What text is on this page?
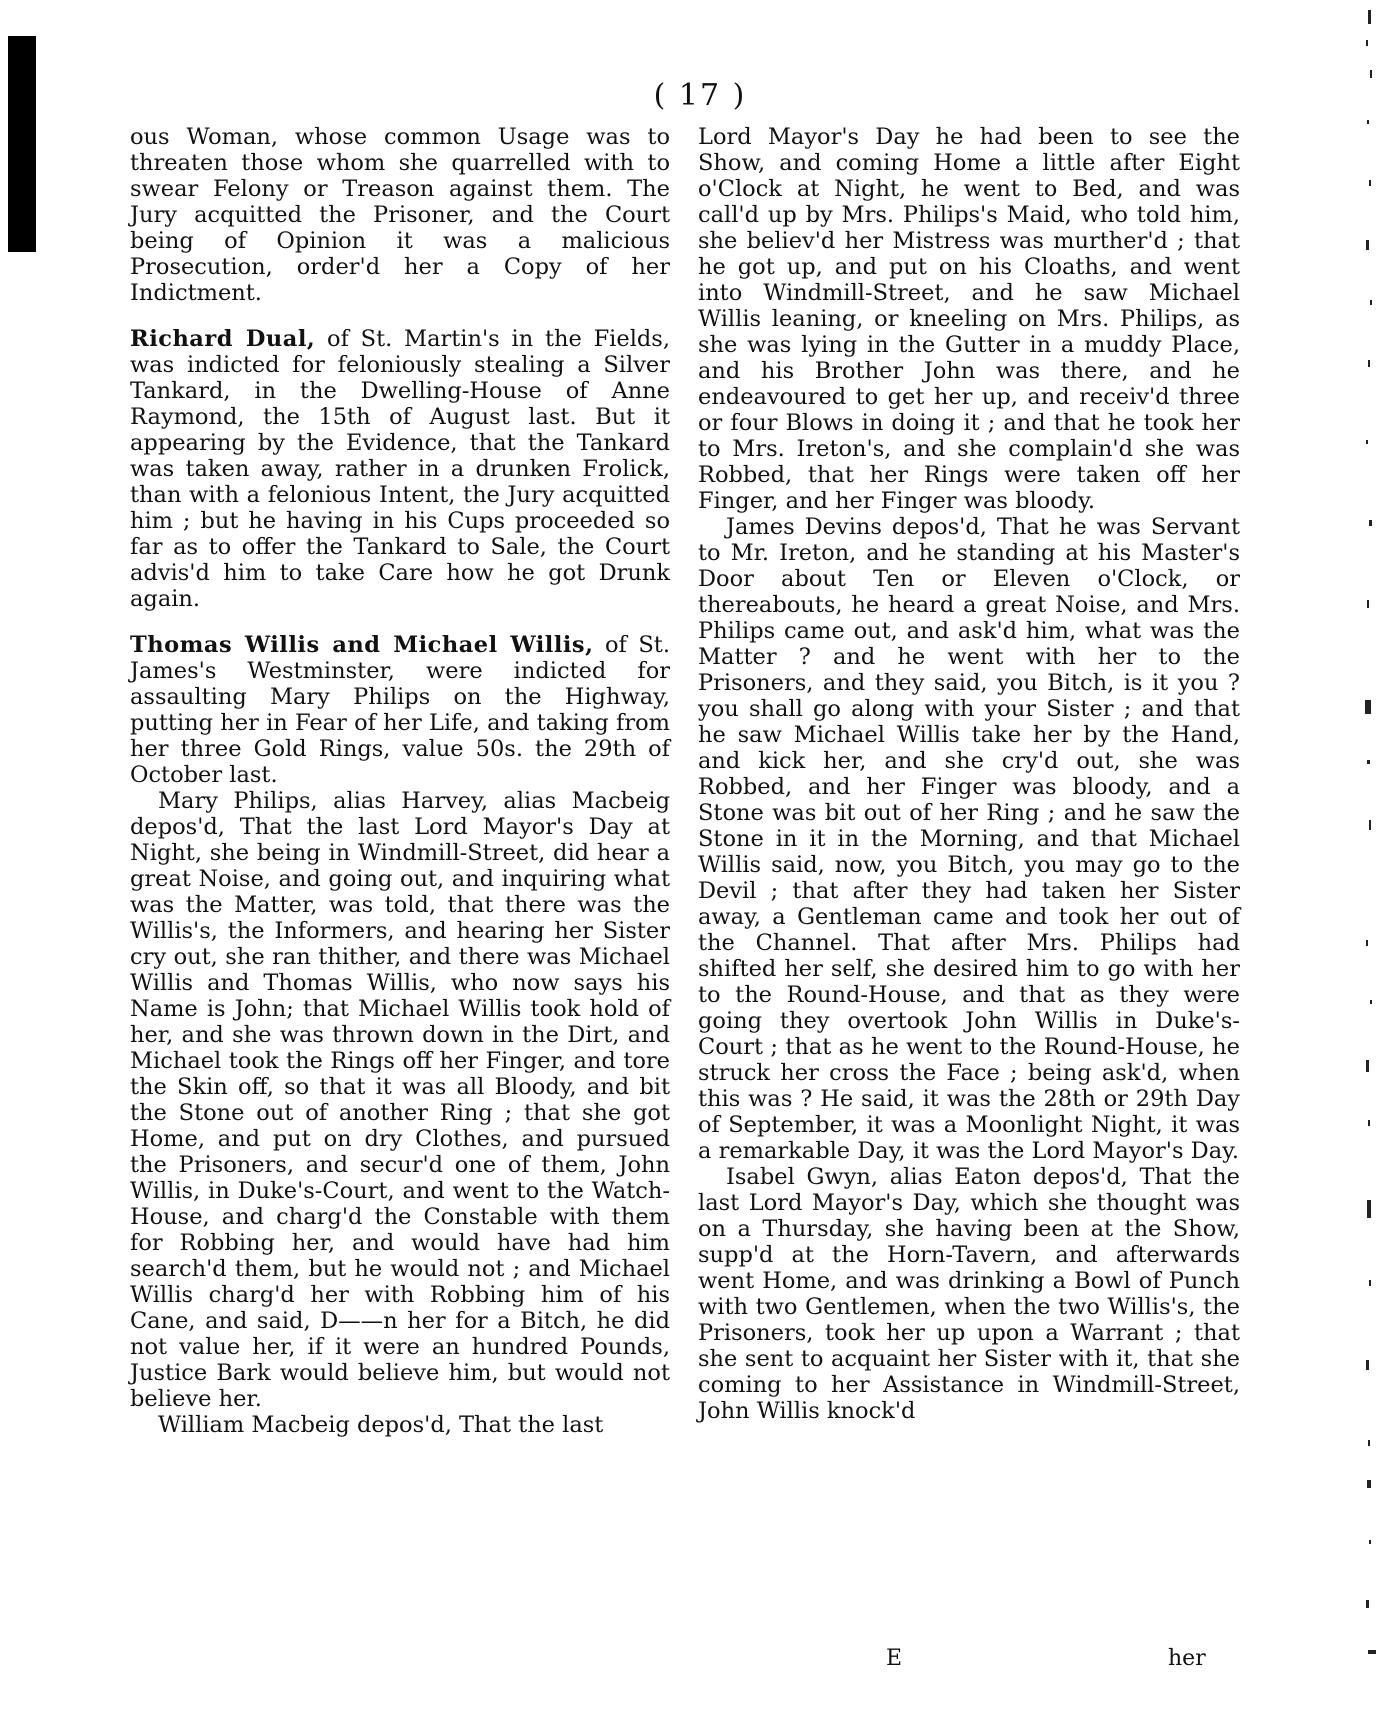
( 17 )

ous Woman, whose common Usage was to threaten those whom she quarrelled with to swear Felony or Treason against them. The Jury acquitted the Prisoner, and the Court being of Opinion it was a malicious Prosecution, order'd her a Copy of her Indictment.

Richard Dual, of St. Martin's in the Fields, was indicted for feloniously stealing a Silver Tankard, in the Dwelling-House of Anne Raymond, the 15th of August last. But it appearing by the Evidence, that the Tankard was taken away, rather in a drunken Frolick, than with a felonious Intent, the Jury acquitted him ; but he having in his Cups proceeded so far as to offer the Tankard to Sale, the Court advis'd him to take Care how he got Drunk again.

Thomas Willis and Michael Willis, of St. James's Westminster, were indicted for assaulting Mary Philips on the Highway, putting her in Fear of her Life, and taking from her three Gold Rings, value 50s. the 29th of October last.

Mary Philips, alias Harvey, alias Macbeig depos'd, That the last Lord Mayor's Day at Night, she being in Windmill-Street, did hear a great Noise, and going out, and inquiring what was the Matter, was told, that there was the Willis's, the Informers, and hearing her Sister cry out, she ran thither, and there was Michael Willis and Thomas Willis, who now says his Name is John; that Michael Willis took hold of her, and she was thrown down in the Dirt, and Michael took the Rings off her Finger, and tore the Skin off, so that it was all Bloody, and bit the Stone out of another Ring ; that she got Home, and put on dry Clothes, and pursued the Prisoners, and secur'd one of them, John Willis, in Duke's-Court, and went to the Watch-House, and charg'd the Constable with them for Robbing her, and would have had him search'd them, but he would not ; and Michael Willis charg'd her with Robbing him of his Cane, and said, D——n her for a Bitch, he did not value her, if it were an hundred Pounds, Justice Bark would believe him, but would not believe her.

William Macbeig depos'd, That the last

Lord Mayor's Day he had been to see the Show, and coming Home a little after Eight o'Clock at Night, he went to Bed, and was call'd up by Mrs. Philips's Maid, who told him, she believ'd her Mistress was murther'd ; that he got up, and put on his Cloaths, and went into Windmill-Street, and he saw Michael Willis leaning, or kneeling on Mrs. Philips, as she was lying in the Gutter in a muddy Place, and his Brother John was there, and he endeavoured to get her up, and receiv'd three or four Blows in doing it ; and that he took her to Mrs. Ireton's, and she complain'd she was Robbed, that her Rings were taken off her Finger, and her Finger was bloody.

James Devins depos'd, That he was Servant to Mr. Ireton, and he standing at his Master's Door about Ten or Eleven o'Clock, or thereabouts, he heard a great Noise, and Mrs. Philips came out, and ask'd him, what was the Matter ? and he went with her to the Prisoners, and they said, you Bitch, is it you ? you shall go along with your Sister ; and that he saw Michael Willis take her by the Hand, and kick her, and she cry'd out, she was Robbed, and her Finger was bloody, and a Stone was bit out of her Ring ; and he saw the Stone in it in the Morning, and that Michael Willis said, now, you Bitch, you may go to the Devil ; that after they had taken her Sister away, a Gentleman came and took her out of the Channel. That after Mrs. Philips had shifted her self, she desired him to go with her to the Round-House, and that as they were going they overtook John Willis in Duke's-Court ; that as he went to the Round-House, he struck her cross the Face ; being ask'd, when this was ? He said, it was the 28th or 29th Day of September, it was a Moonlight Night, it was a remarkable Day, it was the Lord Mayor's Day.

Isabel Gwyn, alias Eaton depos'd, That the last Lord Mayor's Day, which she thought was on a Thursday, she having been at the Show, supp'd at the Horn-Tavern, and afterwards went Home, and was drinking a Bowl of Punch with two Gentlemen, when the two Willis's, the Prisoners, took her up upon a Warrant ; that she sent to acquaint her Sister with it, that she coming to her Assistance in Windmill-Street, John Willis knock'd

E	her
